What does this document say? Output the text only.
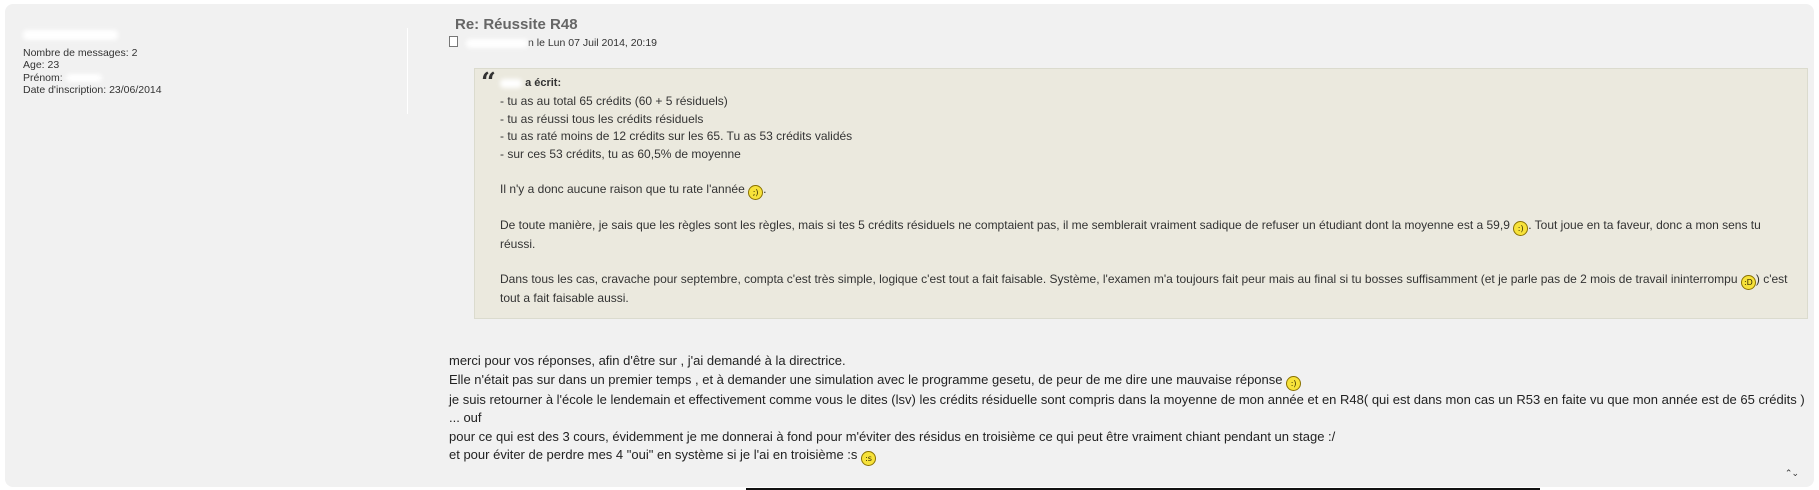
Nombre de messages: 2
Age: 23
Prénom:
Date d'inscription: 23/06/2014
Re: Réussite R48
n le Lun 07 Juil 2014, 20:19
“	a écrit:

- tu as au total 65 crédits (60 + 5 résiduels)

- tu as réussi tous les crédits résiduels

- tu as raté moins de 12 crédits sur les 65. Tu as 53 crédits validés

- sur ces 53 crédits, tu as 60,5% de moyenne

Il n'y a donc aucune raison que tu rate l'année ;) .

De toute manière, je sais que les règles sont les règles, mais si tes 5 crédits résiduels ne comptaient pas, il me semblerait vraiment sadique de refuser un étudiant dont la moyenne est a 59,9 :) . Tout joue en ta faveur, donc a mon sens tu réussi.

Dans tous les cas, cravache pour septembre, compta c'est très simple, logique c'est tout a fait faisable. Système, l'examen m'a toujours fait peur mais au final si tu bosses suffisamment (et je parle pas de 2 mois de travail ininterrompu :D ) c'est tout a fait faisable aussi.

merci pour vos réponses, afin d'être sur , j'ai demandé à la directrice.

Elle n'était pas sur dans un premier temps , et à demander une simulation avec le programme gesetu, de peur de me dire une mauvaise réponse :)

je suis retourner à l'école le lendemain et effectivement comme vous le dites (lsv) les crédits résiduelle sont compris dans la moyenne de mon année et en R48( qui est dans mon cas un R53 en faite vu que mon année est de 65 crédits ) ... ouf

pour ce qui est des 3 cours, évidemment je me donnerai à fond pour m'éviter des résidus en troisième ce qui peut être vraiment chiant pendant un stage :/

et pour éviter de perdre mes 4 "oui" en système si je l'ai en troisième :s :s

⌃⌄
